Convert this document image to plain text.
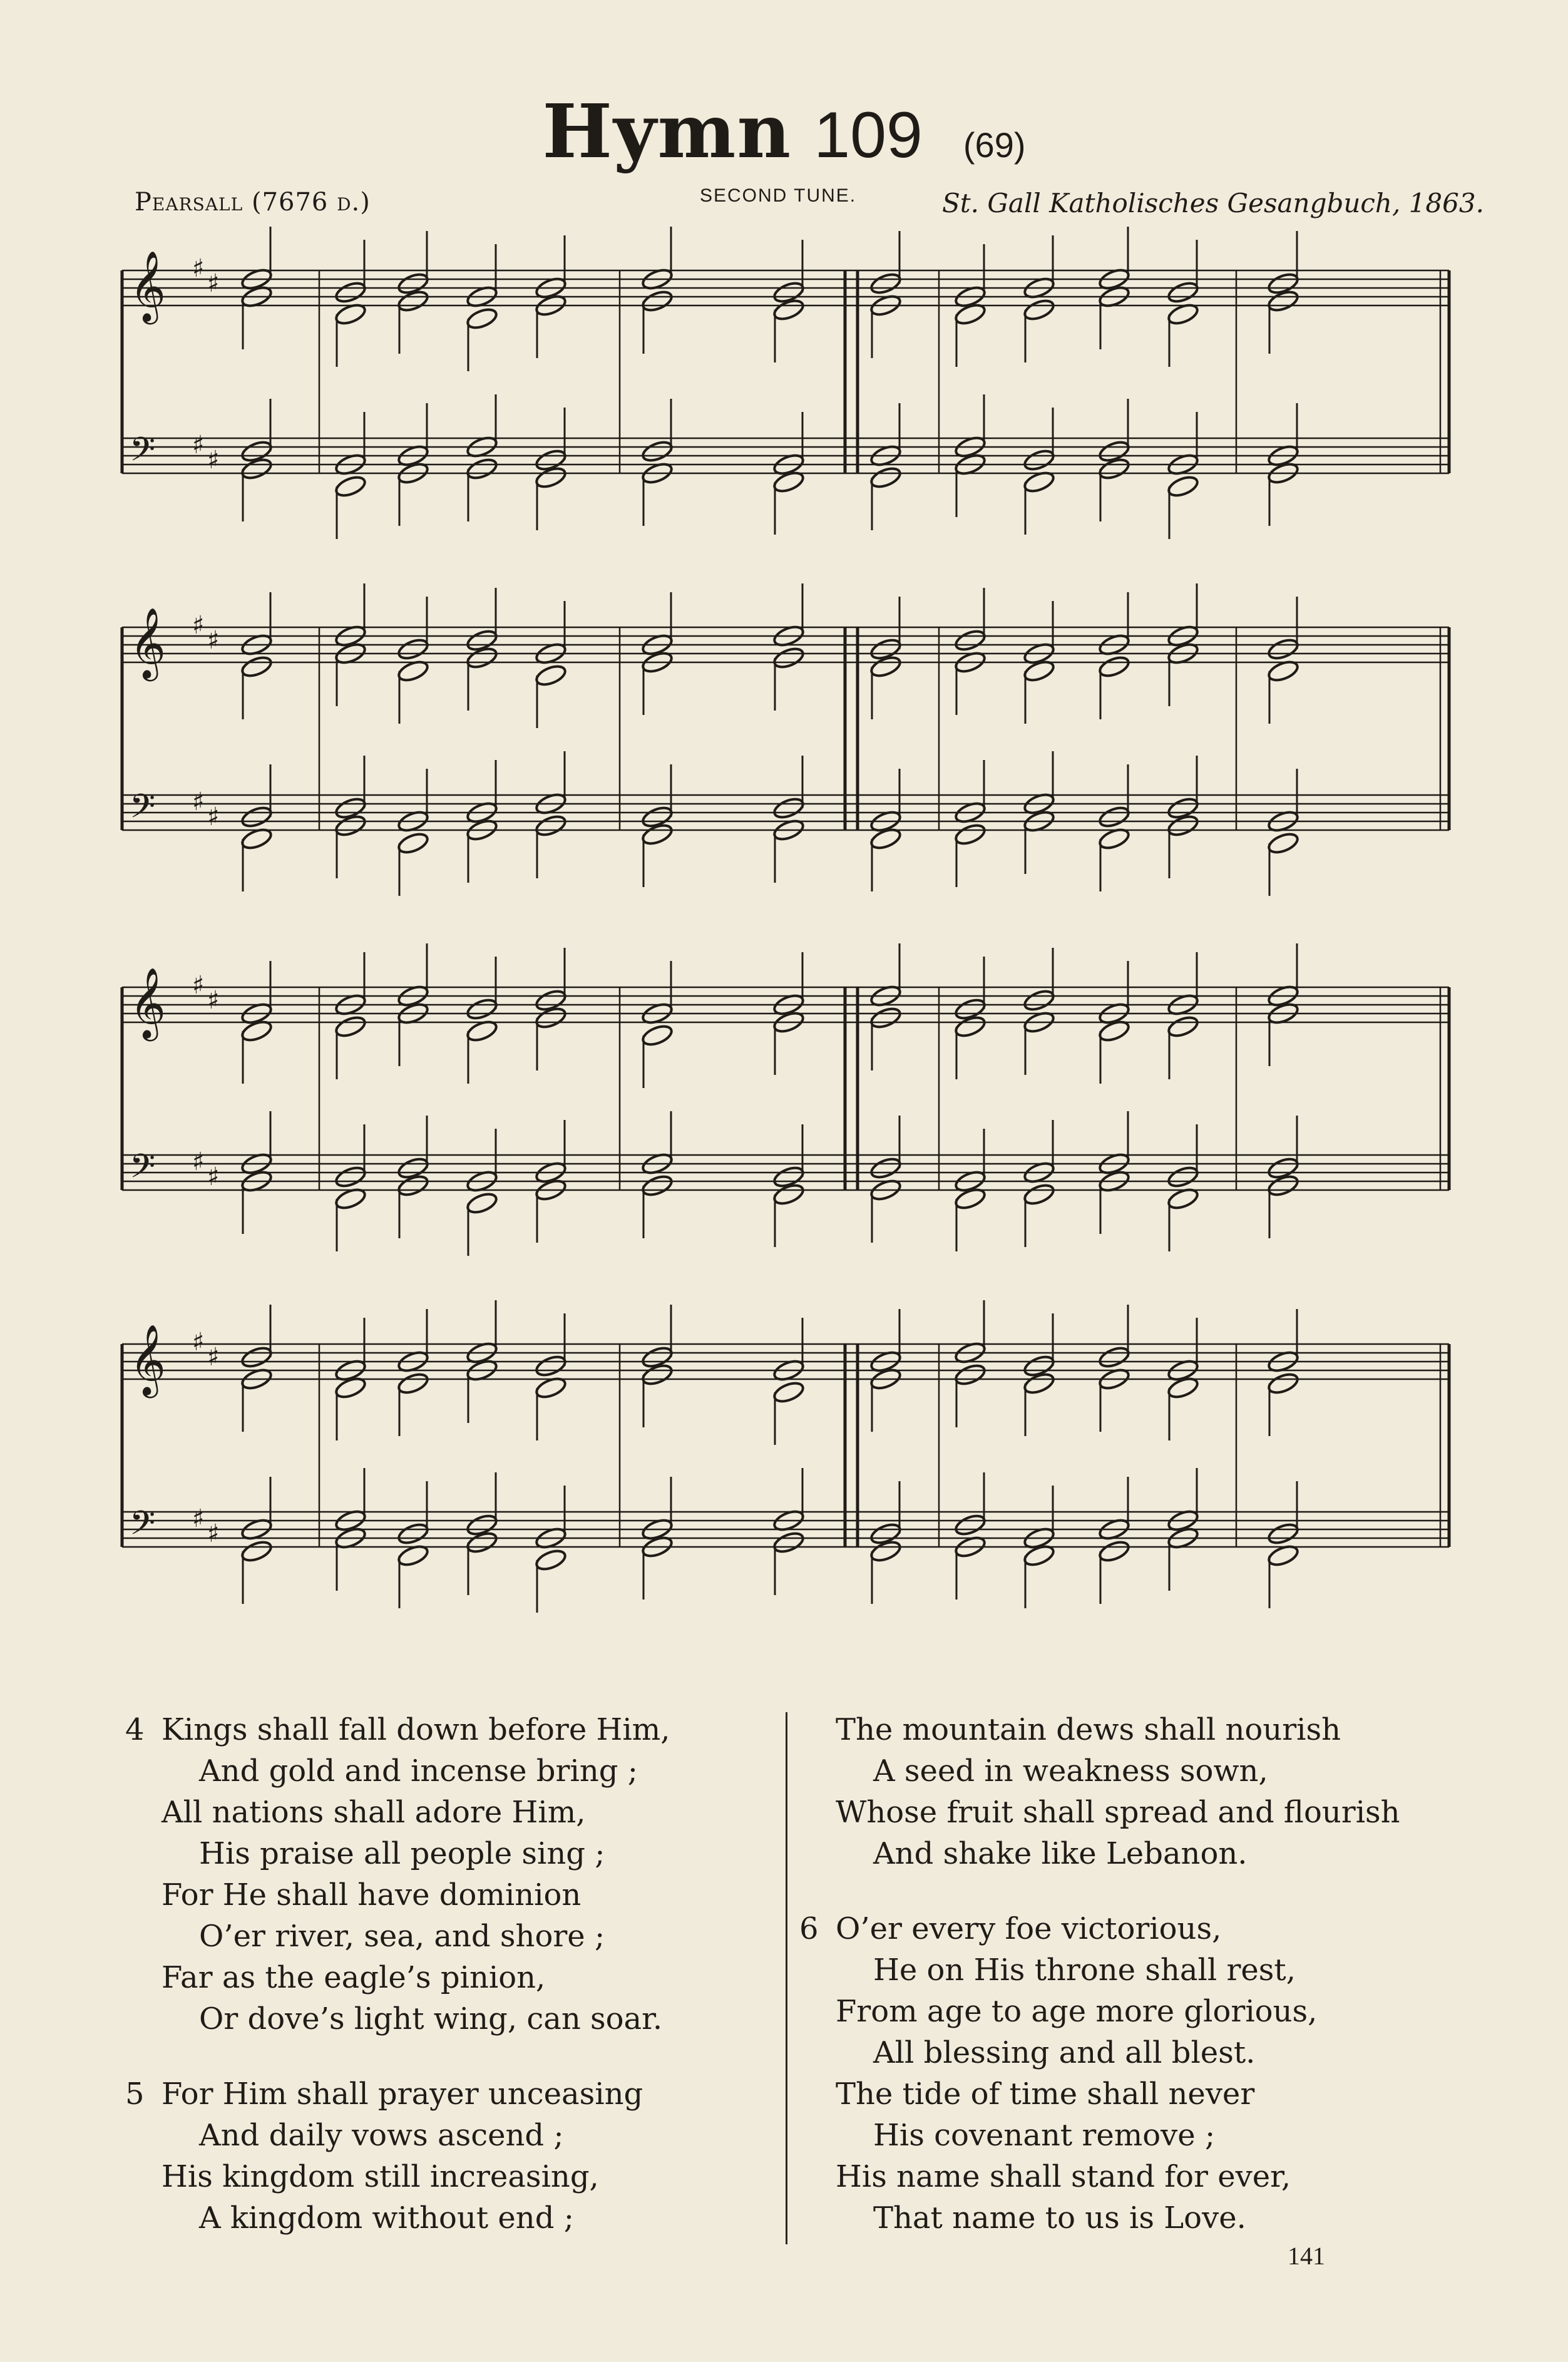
Hymn 109 (69)
Pearsall (7676 d.)	SECOND TUNE.	St. Gall Katholisches Gesangbuch, 1863.
𝄞 ♯
♯
𝄢 ♯
♯
𝄞 ♯
♯
𝄢 ♯
♯
𝄞 ♯
♯
𝄢 ♯
♯
𝄞 ♯
♯
𝄢 ♯
♯
4 Kings shall fall down before Him,
And gold and incense bring ;
All nations shall adore Him,
His praise all people sing ;
For He shall have dominion
O’er river, sea, and shore ;
Far as the eagle’s pinion,
Or dove’s light wing, can soar.
5 For Him shall prayer unceasing
And daily vows ascend ;
His kingdom still increasing,
A kingdom without end ;
The mountain dews shall nourish
A seed in weakness sown,
Whose fruit shall spread and flourish
And shake like Lebanon.
6 O’er every foe victorious,
He on His throne shall rest,
From age to age more glorious,
All blessing and all blest.
The tide of time shall never
His covenant remove ;
His name shall stand for ever,
That name to us is Love.
141
